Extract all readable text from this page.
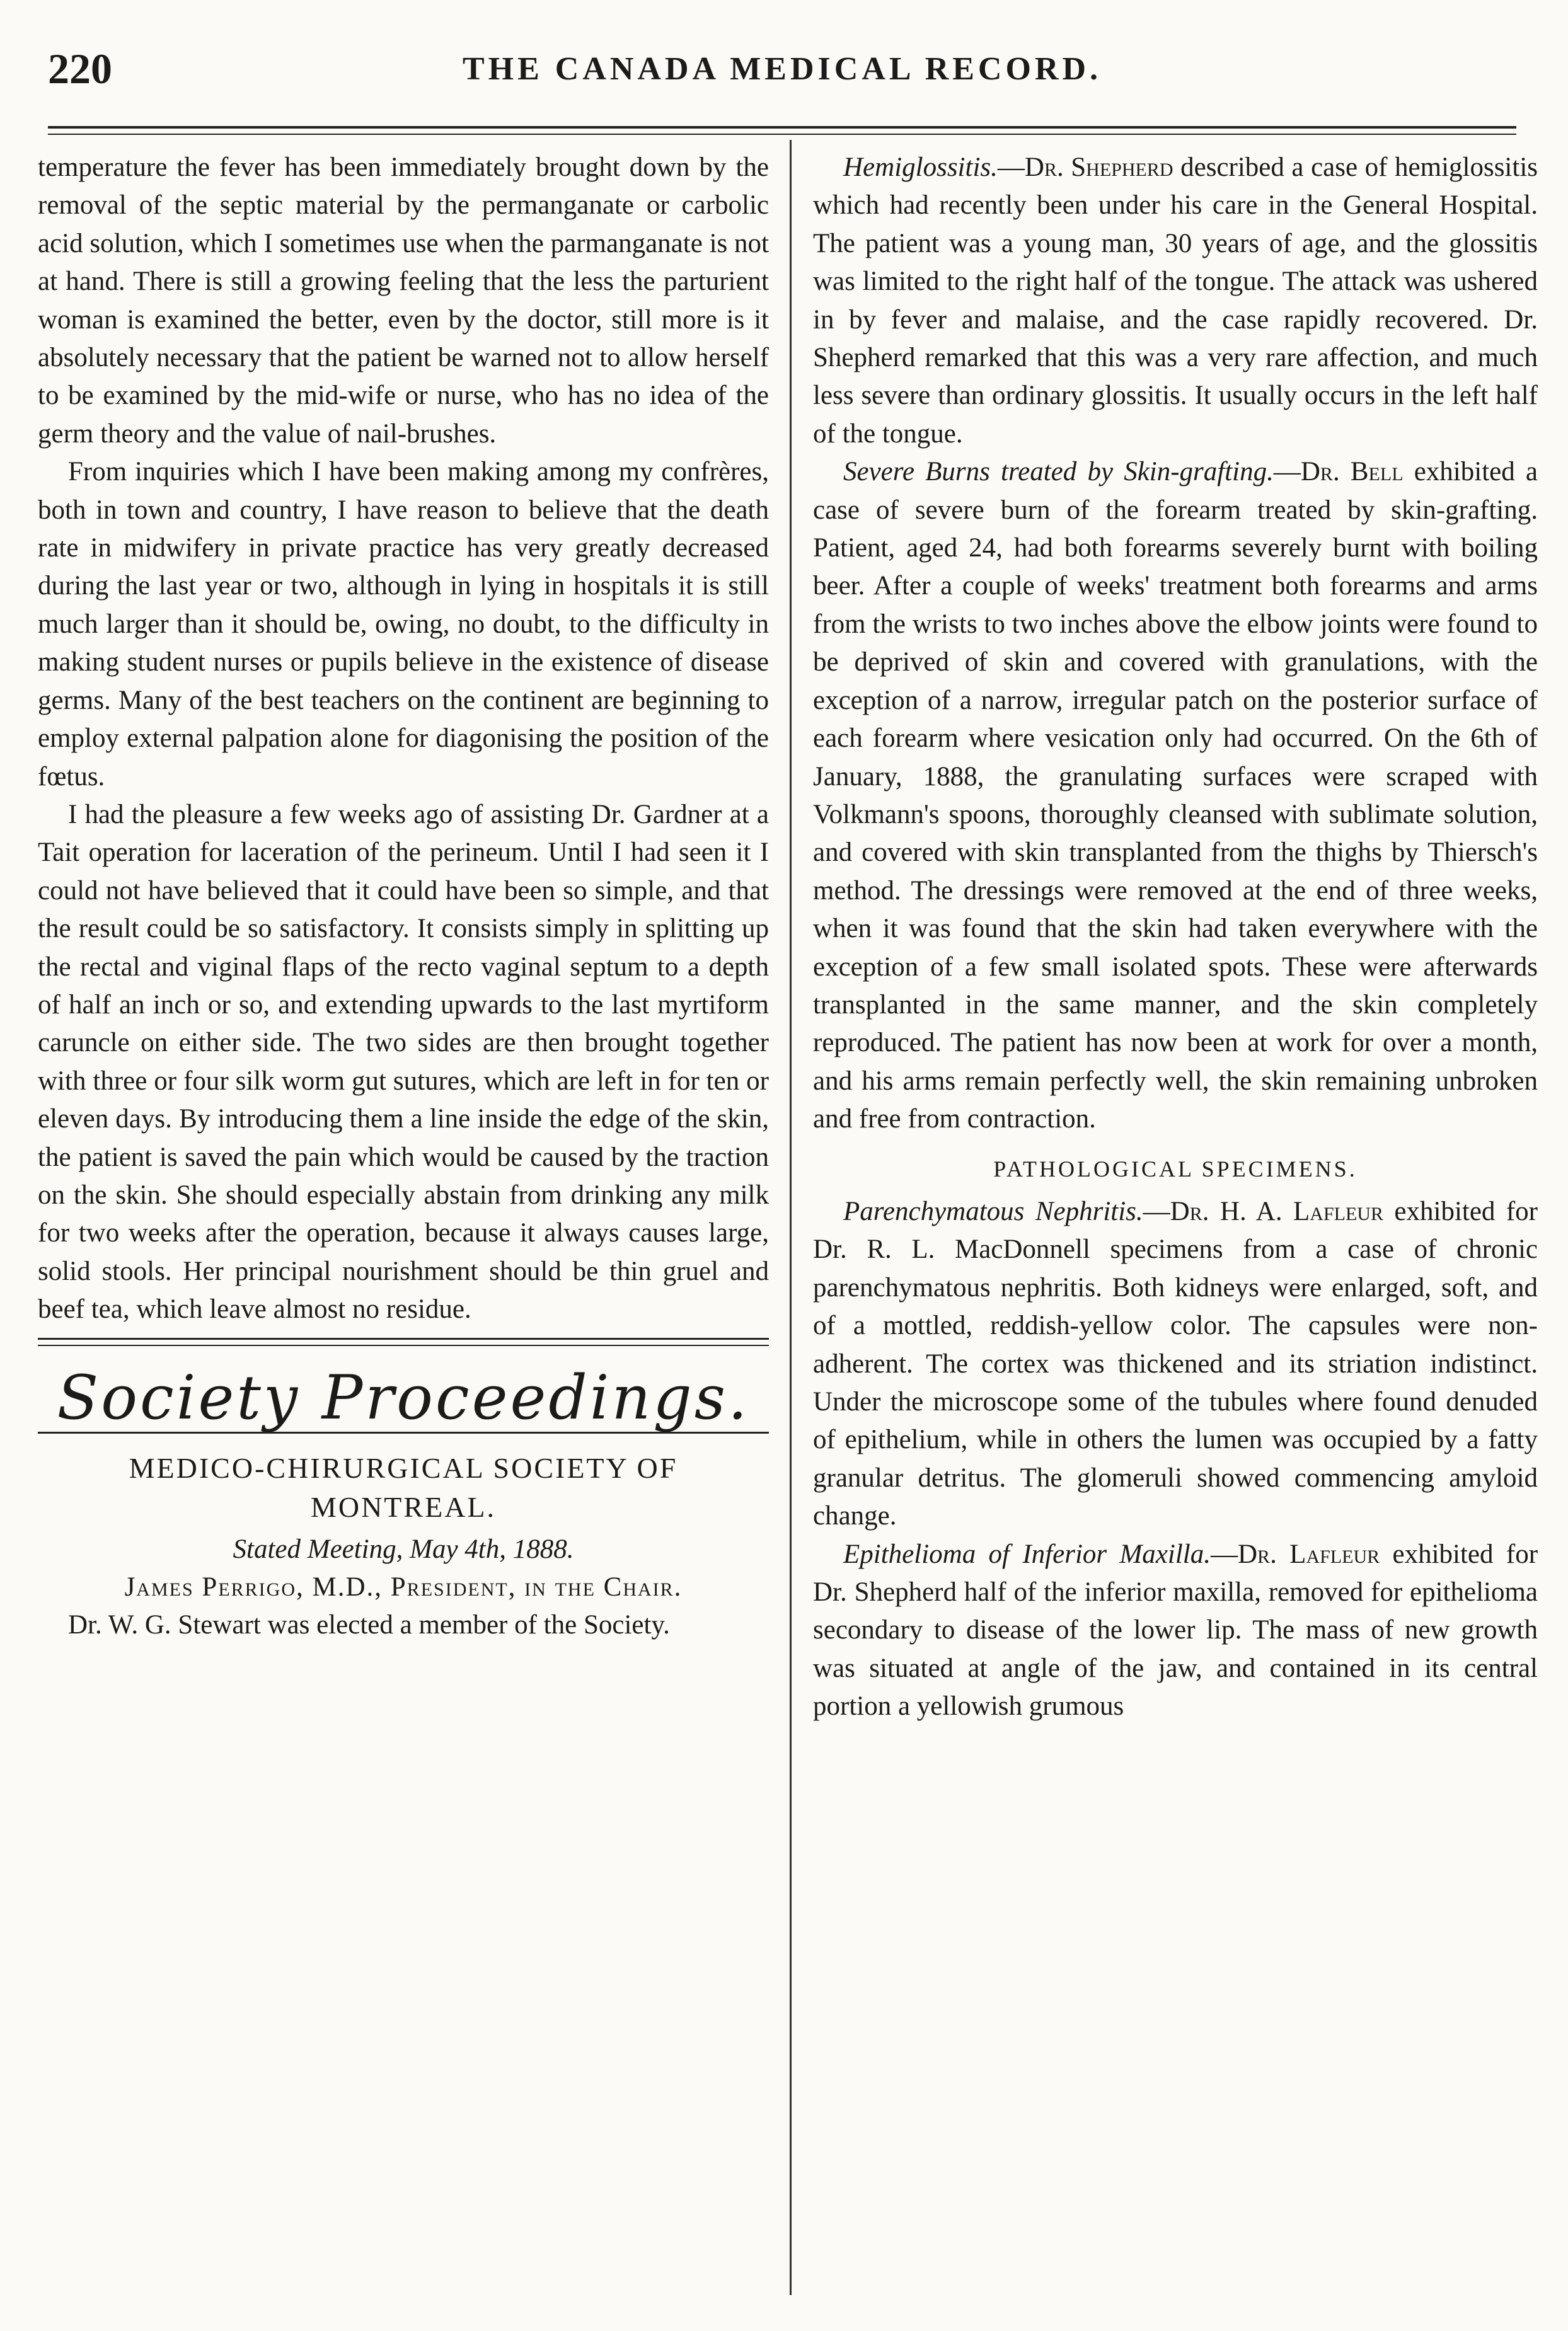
220	THE CANADA MEDICAL RECORD.

temperature the fever has been immediately brought down by the removal of the septic material by the permanganate or carbolic acid solution, which I sometimes use when the parmanganate is not at hand. There is still a growing feeling that the less the parturient woman is examined the better, even by the doctor, still more is it absolutely necessary that the patient be warned not to allow herself to be examined by the mid-wife or nurse, who has no idea of the germ theory and the value of nail-brushes.

From inquiries which I have been making among my confrères, both in town and country, I have reason to believe that the death rate in midwifery in private practice has very greatly decreased during the last year or two, although in lying in hospitals it is still much larger than it should be, owing, no doubt, to the difficulty in making student nurses or pupils believe in the existence of disease germs. Many of the best teachers on the continent are beginning to employ external palpation alone for diagonising the position of the fœtus.

I had the pleasure a few weeks ago of assisting Dr. Gardner at a Tait operation for laceration of the perineum. Until I had seen it I could not have believed that it could have been so simple, and that the result could be so satisfactory. It consists simply in splitting up the rectal and viginal flaps of the recto vaginal septum to a depth of half an inch or so, and extending upwards to the last myrtiform caruncle on either side. The two sides are then brought together with three or four silk worm gut sutures, which are left in for ten or eleven days. By introducing them a line inside the edge of the skin, the patient is saved the pain which would be caused by the traction on the skin. She should especially abstain from drinking any milk for two weeks after the operation, because it always causes large, solid stools. Her principal nourishment should be thin gruel and beef tea, which leave almost no residue.

Society Proceedings.
MEDICO-CHIRURGICAL SOCIETY OF MONTREAL.
Stated Meeting, May 4th, 1888.
James Perrigo, M.D., President, in the Chair.

Dr. W. G. Stewart was elected a member of the Society.

Hemiglossitis.—Dr. Shepherd described a case of hemiglossitis which had recently been under his care in the General Hospital. The patient was a young man, 30 years of age, and the glossitis was limited to the right half of the tongue. The attack was ushered in by fever and malaise, and the case rapidly recovered. Dr. Shepherd remarked that this was a very rare affection, and much less severe than ordinary glossitis. It usually occurs in the left half of the tongue.

Severe Burns treated by Skin-grafting.—Dr. Bell exhibited a case of severe burn of the forearm treated by skin-grafting. Patient, aged 24, had both forearms severely burnt with boiling beer. After a couple of weeks' treatment both forearms and arms from the wrists to two inches above the elbow joints were found to be deprived of skin and covered with granulations, with the exception of a narrow, irregular patch on the posterior surface of each forearm where vesication only had occurred. On the 6th of January, 1888, the granulating surfaces were scraped with Volkmann's spoons, thoroughly cleansed with sublimate solution, and covered with skin transplanted from the thighs by Thiersch's method. The dressings were removed at the end of three weeks, when it was found that the skin had taken everywhere with the exception of a few small isolated spots. These were afterwards transplanted in the same manner, and the skin completely reproduced. The patient has now been at work for over a month, and his arms remain perfectly well, the skin remaining unbroken and free from contraction.

PATHOLOGICAL SPECIMENS.

Parenchymatous Nephritis.—Dr. H. A. Lafleur exhibited for Dr. R. L. MacDonnell specimens from a case of chronic parenchymatous nephritis. Both kidneys were enlarged, soft, and of a mottled, reddish-yellow color. The capsules were non-adherent. The cortex was thickened and its striation indistinct. Under the microscope some of the tubules where found denuded of epithelium, while in others the lumen was occupied by a fatty granular detritus. The glomeruli showed commencing amyloid change.

Epithelioma of Inferior Maxilla.—Dr. Lafleur exhibited for Dr. Shepherd half of the inferior maxilla, removed for epithelioma secondary to disease of the lower lip. The mass of new growth was situated at angle of the jaw, and contained in its central portion a yellowish grumous
